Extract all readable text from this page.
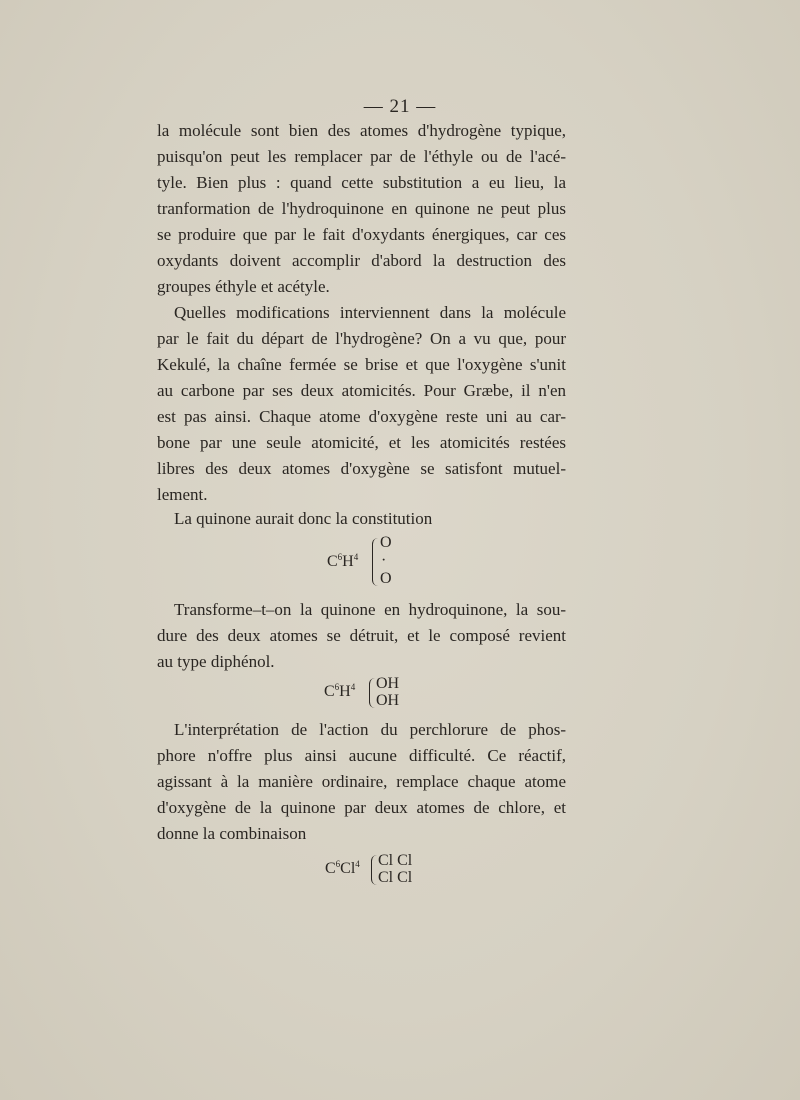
— 21 —
la molécule sont bien des atomes d'hydrogène typique,
puisqu'on peut les remplacer par de l'éthyle ou de l'acé-
tyle. Bien plus : quand cette substitution a eu lieu, la
tranformation de l'hydroquinone en quinone ne peut plus
se produire que par le fait d'oxydants énergiques, car ces
oxydants doivent accomplir d'abord la destruction des
groupes éthyle et acétyle.
Quelles modifications interviennent dans la molécule
par le fait du départ de l'hydrogène? On a vu que, pour
Kekulé, la chaîne fermée se brise et que l'oxygène s'unit
au carbone par ses deux atomicités. Pour Græbe, il n'en
est pas ainsi. Chaque atome d'oxygène reste uni au car-
bone par une seule atomicité, et les atomicités restées
libres des deux atomes d'oxygène se satisfont mutuel-
lement.
La quinone aurait donc la constitution
$C^6H^4$
O
·
O
Transforme–t–on la quinone en hydroquinone, la sou-
dure des deux atomes se détruit, et le composé revient
au type diphénol.
$C^6H^4$ OH
OH
L'interprétation de l'action du perchlorure de phos-
phore n'offre plus ainsi aucune difficulté. Ce réactif,
agissant à la manière ordinaire, remplace chaque atome
d'oxygène de la quinone par deux atomes de chlore, et
donne la combinaison
$C^6Cl^4$ Cl Cl
Cl Cl
